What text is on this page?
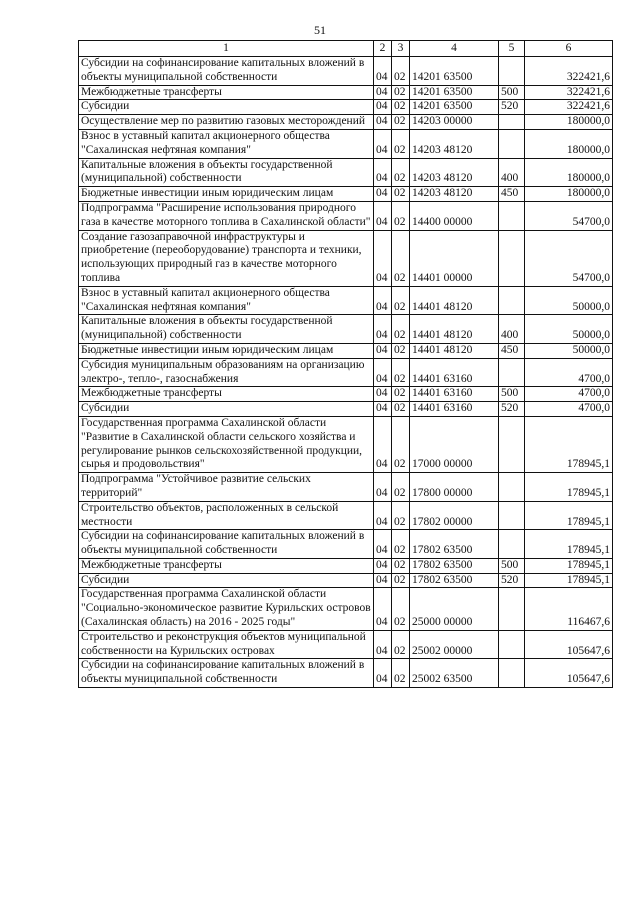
51
1	2	3	4	5	6
Субсидии на софинансирование капитальных вложений в объекты муниципальной собственности	04	02	14201 63500		322421,6
Межбюджетные трансферты	04	02	14201 63500	500	322421,6
Субсидии	04	02	14201 63500	520	322421,6
Осуществление мер по развитию газовых месторождений	04	02	14203 00000		180000,0
Взнос в уставный капитал акционерного общества "Сахалинская нефтяная компания"	04	02	14203 48120		180000,0
Капитальные вложения в объекты государственной (муниципальной) собственности	04	02	14203 48120	400	180000,0
Бюджетные инвестиции иным юридическим лицам	04	02	14203 48120	450	180000,0
Подпрограмма "Расширение использования природного газа в качестве моторного топлива в Сахалинской области"	04	02	14400 00000		54700,0
Создание газозаправочной инфраструктуры и приобретение (переоборудование) транспорта и техники, использующих природный газ в качестве моторного топлива	04	02	14401 00000		54700,0
Взнос в уставный капитал акционерного общества "Сахалинская нефтяная компания"	04	02	14401 48120		50000,0
Капитальные вложения в объекты государственной (муниципальной) собственности	04	02	14401 48120	400	50000,0
Бюджетные инвестиции иным юридическим лицам	04	02	14401 48120	450	50000,0
Субсидия муниципальным образованиям на организацию электро-, тепло-, газоснабжения	04	02	14401 63160		4700,0
Межбюджетные трансферты	04	02	14401 63160	500	4700,0
Субсидии	04	02	14401 63160	520	4700,0
Государственная программа Сахалинской области "Развитие в Сахалинской области сельского хозяйства и регулирование рынков сельскохозяйственной продукции, сырья и продовольствия"	04	02	17000 00000		178945,1
Подпрограмма "Устойчивое развитие сельских территорий"	04	02	17800 00000		178945,1
Строительство объектов, расположенных в сельской местности	04	02	17802 00000		178945,1
Субсидии на софинансирование капитальных вложений в объекты муниципальной собственности	04	02	17802 63500		178945,1
Межбюджетные трансферты	04	02	17802 63500	500	178945,1
Субсидии	04	02	17802 63500	520	178945,1
Государственная программа Сахалинской области "Социально-экономическое развитие Курильских островов (Сахалинская область) на 2016 - 2025 годы"	04	02	25000 00000		116467,6
Строительство и реконструкция объектов муниципальной собственности на Курильских островах	04	02	25002 00000		105647,6
Субсидии на софинансирование капитальных вложений в объекты муниципальной собственности	04	02	25002 63500		105647,6
